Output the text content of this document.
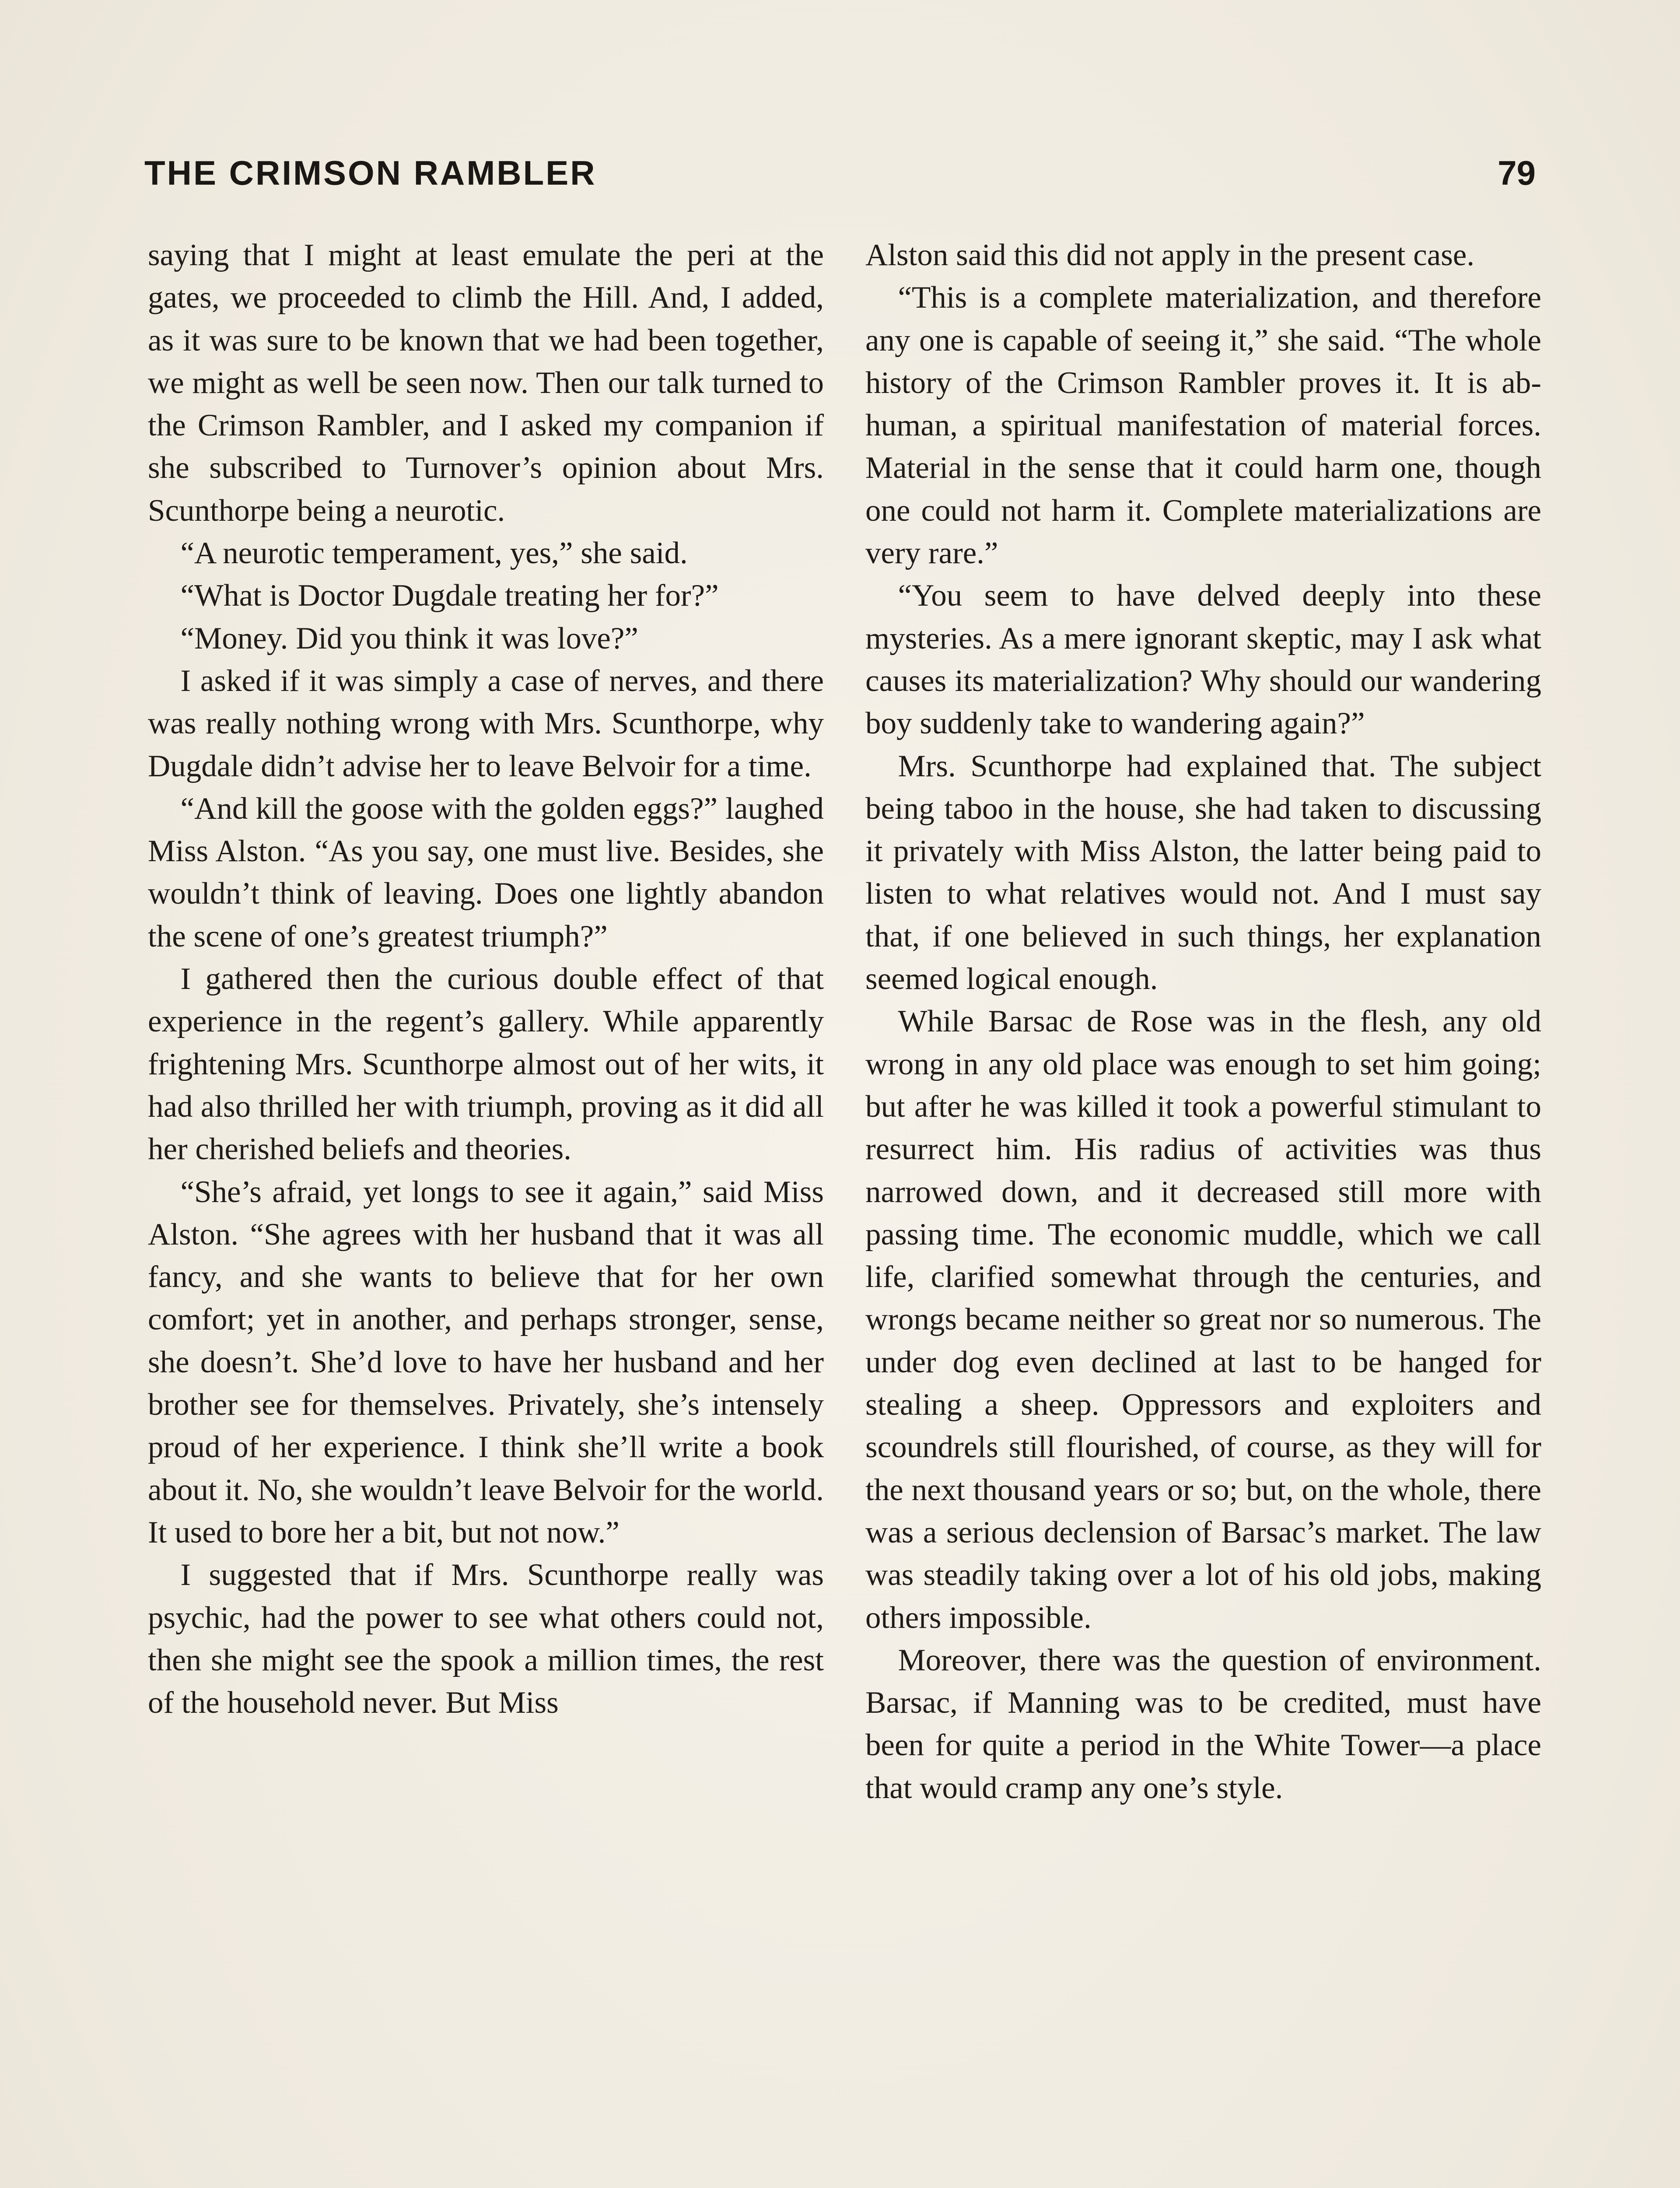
THE CRIMSON RAMBLER	79

saying that I might at least emulate the peri at the gates, we proceeded to climb the Hill. And, I added, as it was sure to be known that we had been together, we might as well be seen now. Then our talk turned to the Crimson Rambler, and I asked my companion if she subscribed to Turnover’s opinion about Mrs. Scunthorpe being a neurotic.

“A neurotic temperament, yes,” she said.

“What is Doctor Dugdale treating her for?”

“Money. Did you think it was love?”

I asked if it was simply a case of nerves, and there was really nothing wrong with Mrs. Scunthorpe, why Dugdale didn’t advise her to leave Belvoir for a time.

“And kill the goose with the golden eggs?” laughed Miss Alston. “As you say, one must live. Besides, she wouldn’t think of leaving. Does one lightly abandon the scene of one’s greatest triumph?”

I gathered then the curious double effect of that experience in the regent’s gallery. While apparently frightening Mrs. Scunthorpe almost out of her wits, it had also thrilled her with triumph, proving as it did all her cherished beliefs and theories.

“She’s afraid, yet longs to see it again,” said Miss Alston. “She agrees with her husband that it was all fancy, and she wants to believe that for her own comfort; yet in another, and perhaps stronger, sense, she doesn’t. She’d love to have her husband and her brother see for themselves. Privately, she’s intensely proud of her experience. I think she’ll write a book about it. No, she wouldn’t leave Belvoir for the world. It used to bore her a bit, but not now.”

I suggested that if Mrs. Scunthorpe really was psychic, had the power to see what others could not, then she might see the spook a million times, the rest of the household never. But Miss

Alston said this did not apply in the present case.

“This is a complete materialization, and therefore any one is capable of seeing it,” she said. “The whole history of the Crimson Rambler proves it. It is ab-human, a spiritual manifestation of material forces. Material in the sense that it could harm one, though one could not harm it. Complete materializations are very rare.”

“You seem to have delved deeply into these mysteries. As a mere ignorant skeptic, may I ask what causes its materialization? Why should our wandering boy suddenly take to wandering again?”

Mrs. Scunthorpe had explained that. The subject being taboo in the house, she had taken to discussing it privately with Miss Alston, the latter being paid to listen to what relatives would not. And I must say that, if one believed in such things, her explanation seemed logical enough.

While Barsac de Rose was in the flesh, any old wrong in any old place was enough to set him going; but after he was killed it took a powerful stimulant to resurrect him. His radius of activities was thus narrowed down, and it decreased still more with passing time. The economic muddle, which we call life, clarified somewhat through the centuries, and wrongs became neither so great nor so numerous. The under dog even declined at last to be hanged for stealing a sheep. Oppressors and exploiters and scoundrels still flourished, of course, as they will for the next thousand years or so; but, on the whole, there was a serious declension of Barsac’s market. The law was steadily taking over a lot of his old jobs, making others impossible.

Moreover, there was the question of environment. Barsac, if Manning was to be credited, must have been for quite a period in the White Tower—a place that would cramp any one’s style.
